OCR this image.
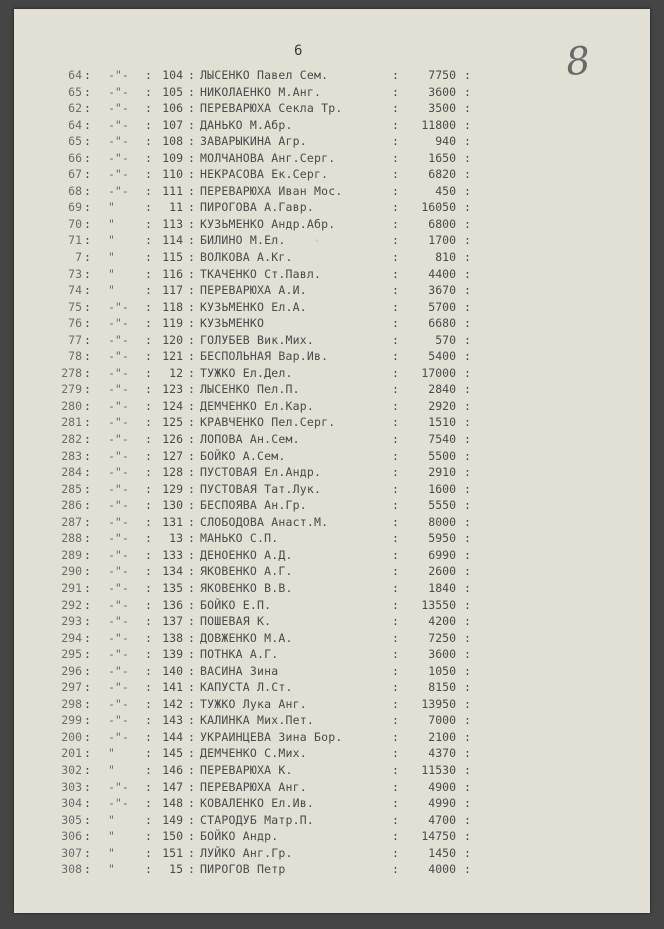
6	8
64 : -"- : 104 : ЛЫСЕНКО Павел Сем.	:	7750 :
65 : -"- : 105 : НИКОЛАЕНКО М.Анг.	:	3600 :
62 : -"- : 106 : ПЕРЕВАРЮХА Секла Тр.	:	3500 :
64 : -"- : 107 : ДАНЬКО М.Абр.	:	11800 :
65 : -"- : 108 : ЗАВАРЫКИНА Агр.	:	940 :
66 : -"- : 109 : МОЛЧАНОВА Анг.Серг.	:	1650 :
67 : -"- : 110 : НЕКРАСОВА Ек.Серг.	:	6820 :
68 : -"- : 111 : ПЕРЕВАРЮХА Иван Мос.	:	450 :
69 : "	:	11 : ПИРОГОВА А.Гавр.	:	16050 :
70 : "	: 113 : КУЗЬМЕНКО Андр.Абр.	:	6800 :
71 : "	: 114 : БИЛИНО М.Ел.	:	1700 :
7 : "	: 115 : ВОЛКОВА А.Кг.	:	810 :
73 : "	: 116 : ТКАЧЕНКО Ст.Павл.	:	4400 :
74 : "	: 117 : ПЕРЕВАРЮХА А.И.	:	3670 :
75 : -"- : 118 : КУЗЬМЕНКО Ел.А.	:	5700 :
76 : -"- : 119 : КУЗЬМЕНКО	:	6680 :
77 : -"- : 120 : ГОЛУБЕВ Вик.Мих.	:	570 :
78 : -"- : 121 : БЕСПОЛЬНАЯ Вар.Ив.	:	5400 :
278 : -"- :	12 : ТУЖКО Ел.Дел.	:	17000 :
279 : -"- : 123 : ЛЫСЕНКО Пел.П.	:	2840 :
280 : -"- : 124 : ДЕМЧЕНКО Ел.Кар.	:	2920 :
281 : -"- : 125 : КРАВЧЕНКО Пел.Серг.	:	1510 :
282 : -"- : 126 : ЛОПОВА Ан.Сем.	:	7540 :
283 : -"- : 127 : БОЙКО А.Сем.	:	5500 :
284 : -"- : 128 : ПУСТОВАЯ Ел.Андр.	:	2910 :
285 : -"- : 129 : ПУСТОВАЯ Тат.Лук.	:	1600 :
286 : -"- : 130 : БЕСПОЯВА Ан.Гр.	:	5550 :
287 : -"- : 131 : СЛОБОДОВА Анаст.М.	:	8000 :
288 : -"- :	13 : МАНЬКО С.П.	:	5950 :
289 : -"- : 133 : ДЕНОЕНКО А.Д.	:	6990 :
290 : -"- : 134 : ЯКОВЕНКО А.Г.	:	2600 :
291 : -"- : 135 : ЯКОВЕНКО В.В.	:	1840 :
292 : -"- : 136 : БОЙКО Е.П.	:	13550 :
293 : -"- : 137 : ПОШЕВАЯ К.	:	4200 :
294 : -"- : 138 : ДОВЖЕНКО М.А.	:	7250 :
295 : -"- : 139 : ПОТНКА А.Г.	:	3600 :
296 : -"- : 140 : ВАСИНА Зина	:	1050 :
297 : -"- : 141 : КАПУСТА Л.Ст.	:	8150 :
298 : -"- : 142 : ТУЖКО Лука Анг.	:	13950 :
299 : -"- : 143 : КАЛИНКА Мих.Пет.	:	7000 :
200 : -"- : 144 : УКРАИНЦЕВА Зина Бор.	:	2100 :
201 : "	: 145 : ДЕМЧЕНКО С.Мих.	:	4370 :
302 : "	: 146 : ПЕРЕВАРЮХА К.	:	11530 :
303 : -"- : 147 : ПЕРЕВАРЮХА Анг.	:	4900 :
304 : -"- : 148 : КОВАЛЕНКО Ел.Ив.	:	4990 :
305 : "	: 149 : СТАРОДУБ Матр.П.	:	4700 :
306 : "	: 150 : БОЙКО Андр.	:	14750 :
307 : "	: 151 : ЛУЙКО Анг.Гр.	:	1450 :
308 : "	:	15 : ПИРОГОВ Петр	:	4000 :
·
